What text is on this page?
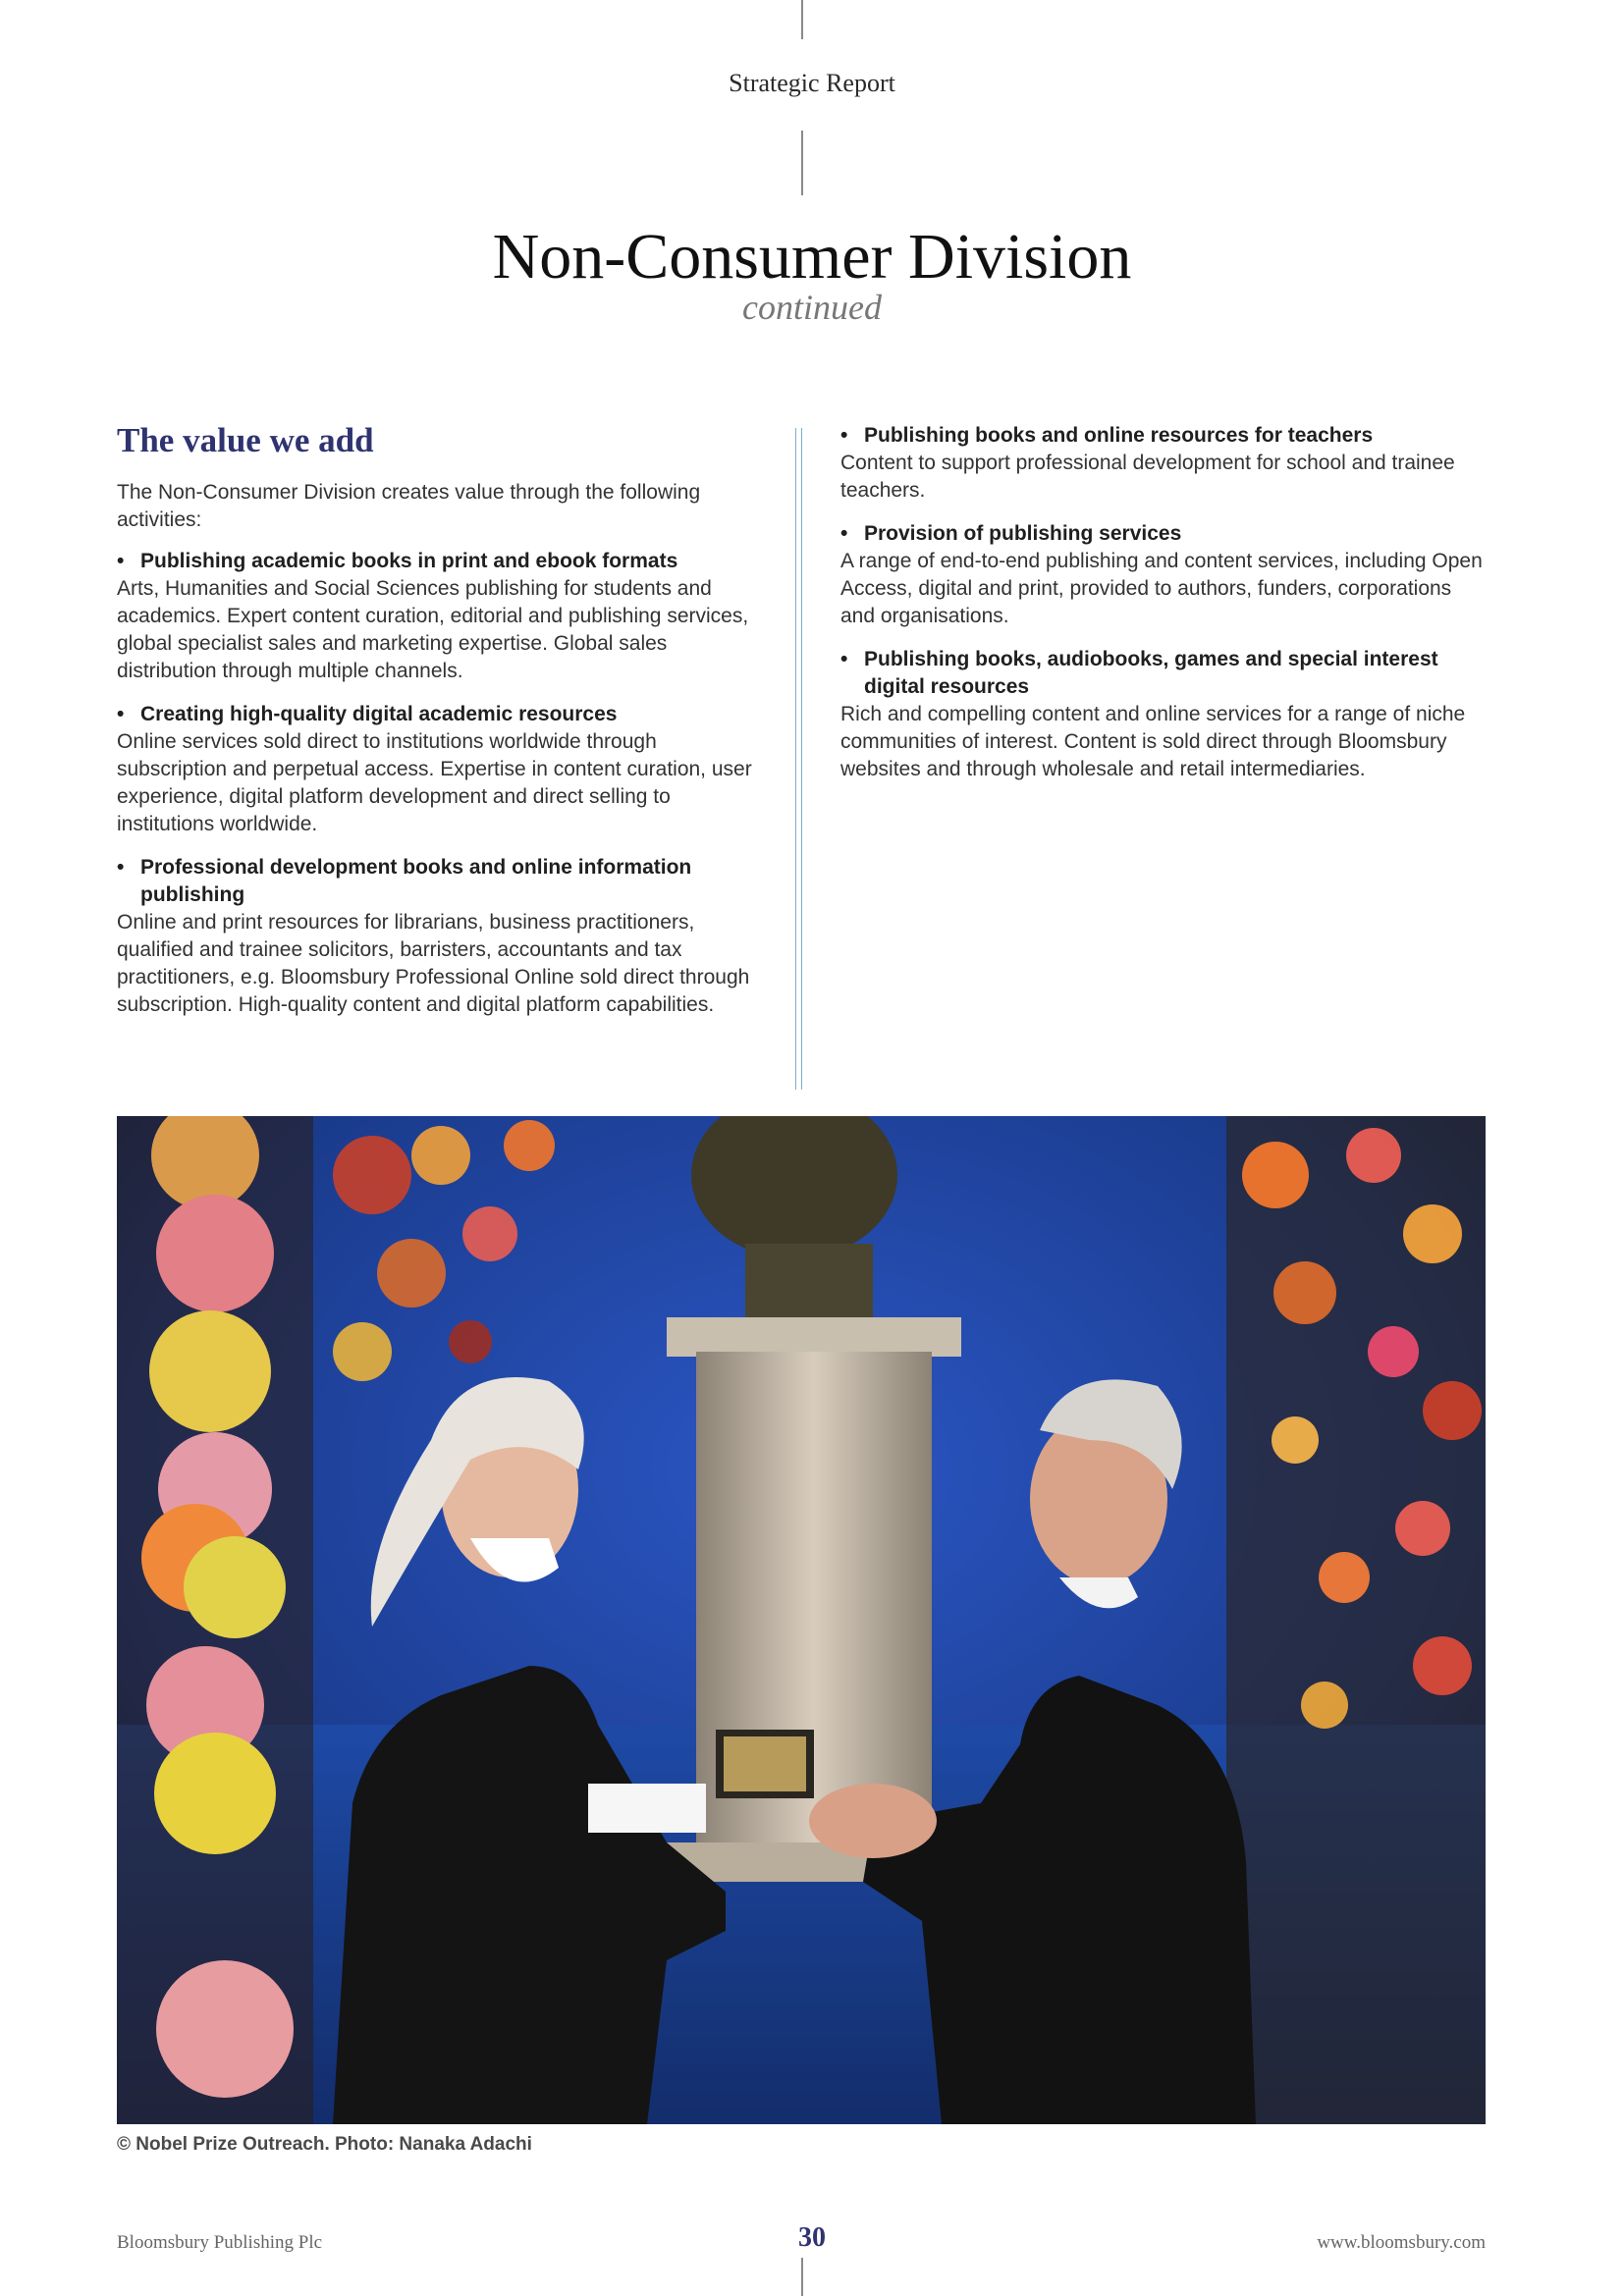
Strategic Report
Non-Consumer Division
continued
The value we add

The Non-Consumer Division creates value through the following activities:

• Publishing academic books in print and ebook formats
Arts, Humanities and Social Sciences publishing for students and academics. Expert content curation, editorial and publishing services, global specialist sales and marketing expertise. Global sales distribution through multiple channels.
• Creating high-quality digital academic resources
Online services sold direct to institutions worldwide through subscription and perpetual access. Expertise in content curation, user experience, digital platform development and direct selling to institutions worldwide.
• Professional development books and online information publishing
Online and print resources for librarians, business practitioners, qualified and trainee solicitors, barristers, accountants and tax practitioners, e.g. Bloomsbury Professional Online sold direct through subscription. High-quality content and digital platform capabilities.
• Publishing books and online resources for teachers
Content to support professional development for school and trainee teachers.
• Provision of publishing services
A range of end-to-end publishing and content services, including Open Access, digital and print, provided to authors, funders, corporations and organisations.
• Publishing books, audiobooks, games and special interest digital resources
Rich and compelling content and online services for a range of niche communities of interest. Content is sold direct through Bloomsbury websites and through wholesale and retail intermediaries.
© Nobel Prize Outreach. Photo: Nanaka Adachi
Bloomsbury Publishing Plc	30	www.bloomsbury.com
